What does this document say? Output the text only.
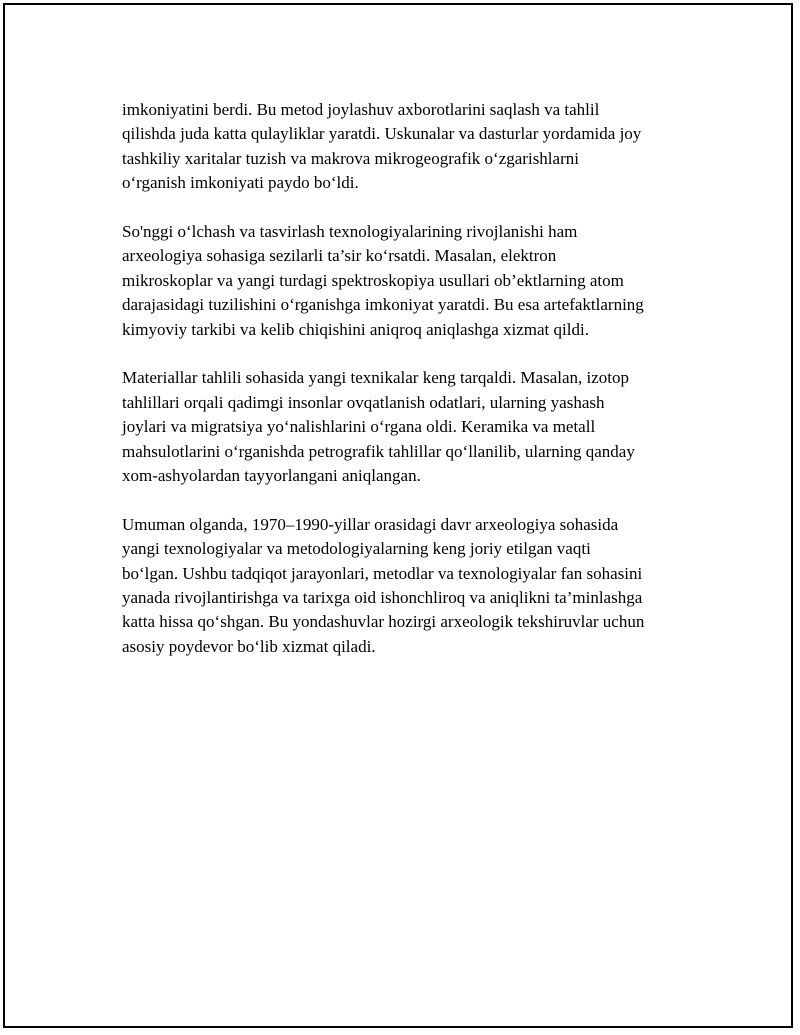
imkoniyatini berdi. Bu metod joylashuv axborotlarini saqlash va tahlil
qilishda juda katta qulayliklar yaratdi. Uskunalar va dasturlar yordamida joy
tashkiliy xaritalar tuzish va makrova mikrogeografik oʻzgarishlarni
oʻrganish imkoniyati paydo boʻldi.

So'nggi oʻlchash va tasvirlash texnologiyalarining rivojlanishi ham
arxeologiya sohasiga sezilarli ta’sir koʻrsatdi. Masalan, elektron
mikroskoplar va yangi turdagi spektroskopiya usullari ob’ektlarning atom
darajasidagi tuzilishini oʻrganishga imkoniyat yaratdi. Bu esa artefaktlarning
kimyoviy tarkibi va kelib chiqishini aniqroq aniqlashga xizmat qildi.

Materiallar tahlili sohasida yangi texnikalar keng tarqaldi. Masalan, izotop
tahlillari orqali qadimgi insonlar ovqatlanish odatlari, ularning yashash
joylari va migratsiya yoʻnalishlarini oʻrgana oldi. Keramika va metall
mahsulotlarini oʻrganishda petrografik tahlillar qoʻllanilib, ularning qanday
xom-ashyolardan tayyorlangani aniqlangan.

Umuman olganda, 1970–1990-yillar orasidagi davr arxeologiya sohasida
yangi texnologiyalar va metodologiyalarning keng joriy etilgan vaqti
boʻlgan. Ushbu tadqiqot jarayonlari, metodlar va texnologiyalar fan sohasini
yanada rivojlantirishga va tarixga oid ishonchliroq va aniqlikni ta’minlashga
katta hissa qoʻshgan. Bu yondashuvlar hozirgi arxeologik tekshiruvlar uchun
asosiy poydevor boʻlib xizmat qiladi.
